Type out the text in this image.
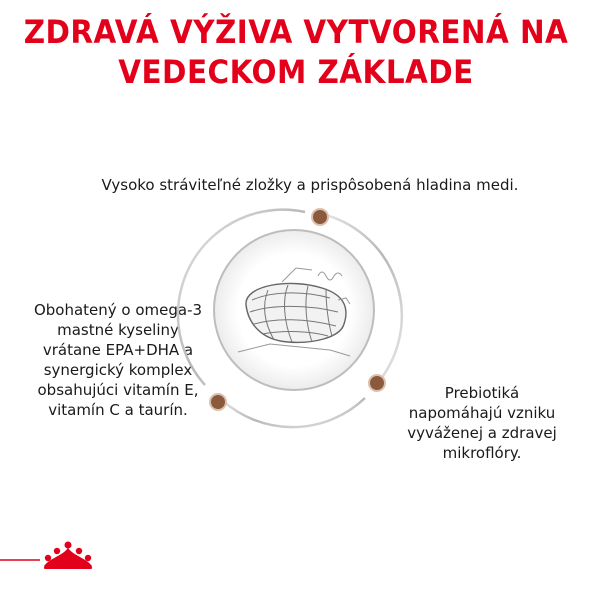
ZDRAVÁ VÝŽIVA VYTVORENÁ NA
VEDECKOM ZÁKLADE
Vysoko stráviteľné zložky a prispôsobená hladina medi.
Obohatený o omega-3 mastné kyseliny vrátane EPA+DHA a synergický komplex obsahujúci vitamín E, vitamín C a taurín.
Prebiotiká napomáhajú vzniku vyváženej a zdravej mikroflóry.
